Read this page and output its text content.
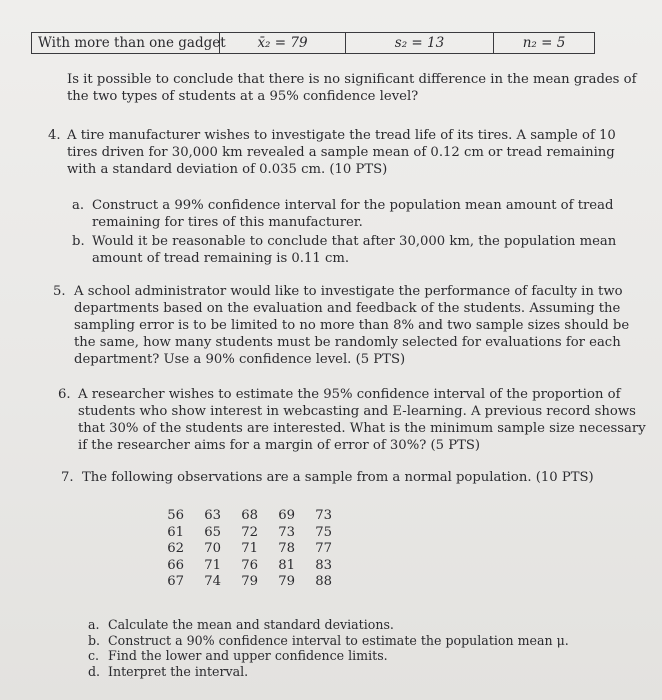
With more than one gadget	x̄₂ = 79	s₂ = 13	n₂ = 5
Is it possible to conclude that there is no significant difference in the mean grades of
the two types of students at a 95% confidence level?
4. A tire manufacturer wishes to investigate the tread life of its tires. A sample of 10
tires driven for 30,000 km revealed a sample mean of 0.12 cm or tread remaining
with a standard deviation of 0.035 cm. (10 PTS)
a. Construct a 99% confidence interval for the population mean amount of tread
remaining for tires of this manufacturer.
b. Would it be reasonable to conclude that after 30,000 km, the population mean
amount of tread remaining is 0.11 cm.
5. A school administrator would like to investigate the performance of faculty in two
departments based on the evaluation and feedback of the students. Assuming the
sampling error is to be limited to no more than 8% and two sample sizes should be
the same, how many students must be randomly selected for evaluations for each
department? Use a 90% confidence level. (5 PTS)
6. A researcher wishes to estimate the 95% confidence interval of the proportion of
students who show interest in webcasting and E-learning. A previous record shows
that 30% of the students are interested. What is the minimum sample size necessary
if the researcher aims for a margin of error of 30%? (5 PTS)
7. The following observations are a sample from a normal population. (10 PTS)
56	63	68	69	73
61	65	72	73	75
62	70	71	78	77
66	71	76	81	83
67	74	79	79	88
a. Calculate the mean and standard deviations.
b. Construct a 90% confidence interval to estimate the population mean μ.
c. Find the lower and upper confidence limits.
d. Interpret the interval.
